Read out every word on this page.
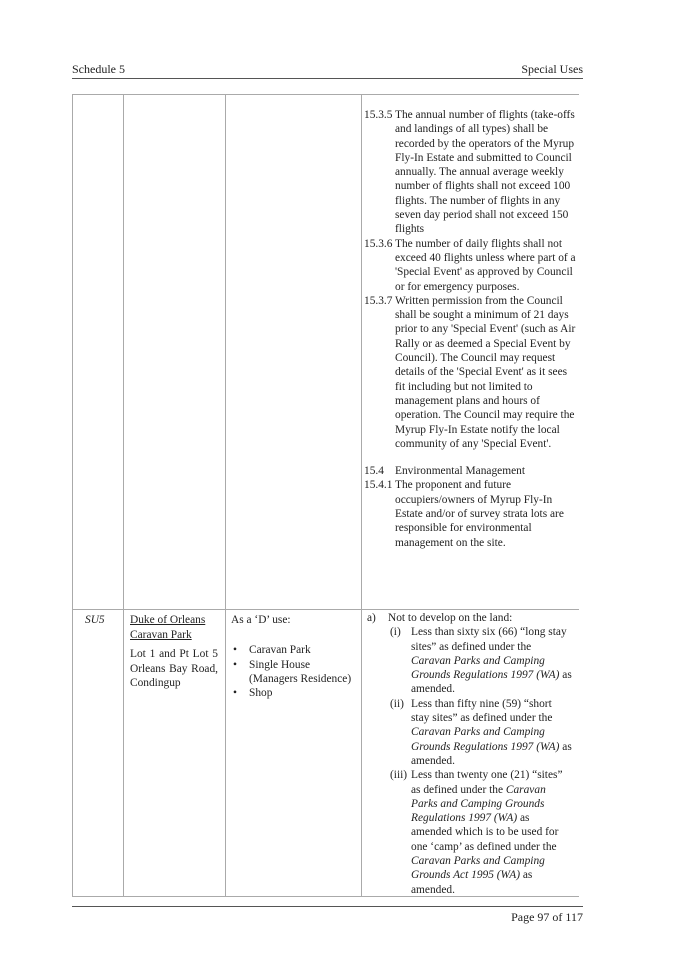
Schedule 5	Special Uses
15.3.5 The annual number of flights (take-offs and landings of all types) shall be recorded by the operators of the Myrup Fly-In Estate and submitted to Council annually. The annual average weekly number of flights shall not exceed 100 flights. The number of flights in any seven day period shall not exceed 150 flights
15.3.6 The number of daily flights shall not exceed 40 flights unless where part of a 'Special Event' as approved by Council or for emergency purposes.
15.3.7 Written permission from the Council shall be sought a minimum of 21 days prior to any 'Special Event' (such as Air Rally or as deemed a Special Event by Council). The Council may request details of the 'Special Event' as it sees fit including but not limited to management plans and hours of operation. The Council may require the Myrup Fly-In Estate notify the local community of any 'Special Event'.
15.4 Environmental Management
15.4.1 The proponent and future occupiers/owners of Myrup Fly-In Estate and/or of survey strata lots are responsible for environmental management on the site.
SU5 Duke of Orleans Caravan Park
Lot 1 and Pt Lot 5 Orleans Bay Road, Condingup
As a ‘D’ use:
• Caravan Park
• Single House (Managers Residence)
• Shop
a) Not to develop on the land:
(i) Less than sixty six (66) “long stay sites” as defined under the Caravan Parks and Camping Grounds Regulations 1997 (WA) as amended.
(ii) Less than fifty nine (59) “short stay sites” as defined under the Caravan Parks and Camping Grounds Regulations 1997 (WA) as amended.
(iii) Less than twenty one (21) “sites” as defined under the Caravan Parks and Camping Grounds Regulations 1997 (WA) as amended which is to be used for one ‘camp’ as defined under the Caravan Parks and Camping Grounds Act 1995 (WA) as amended.
Page 97 of 117
